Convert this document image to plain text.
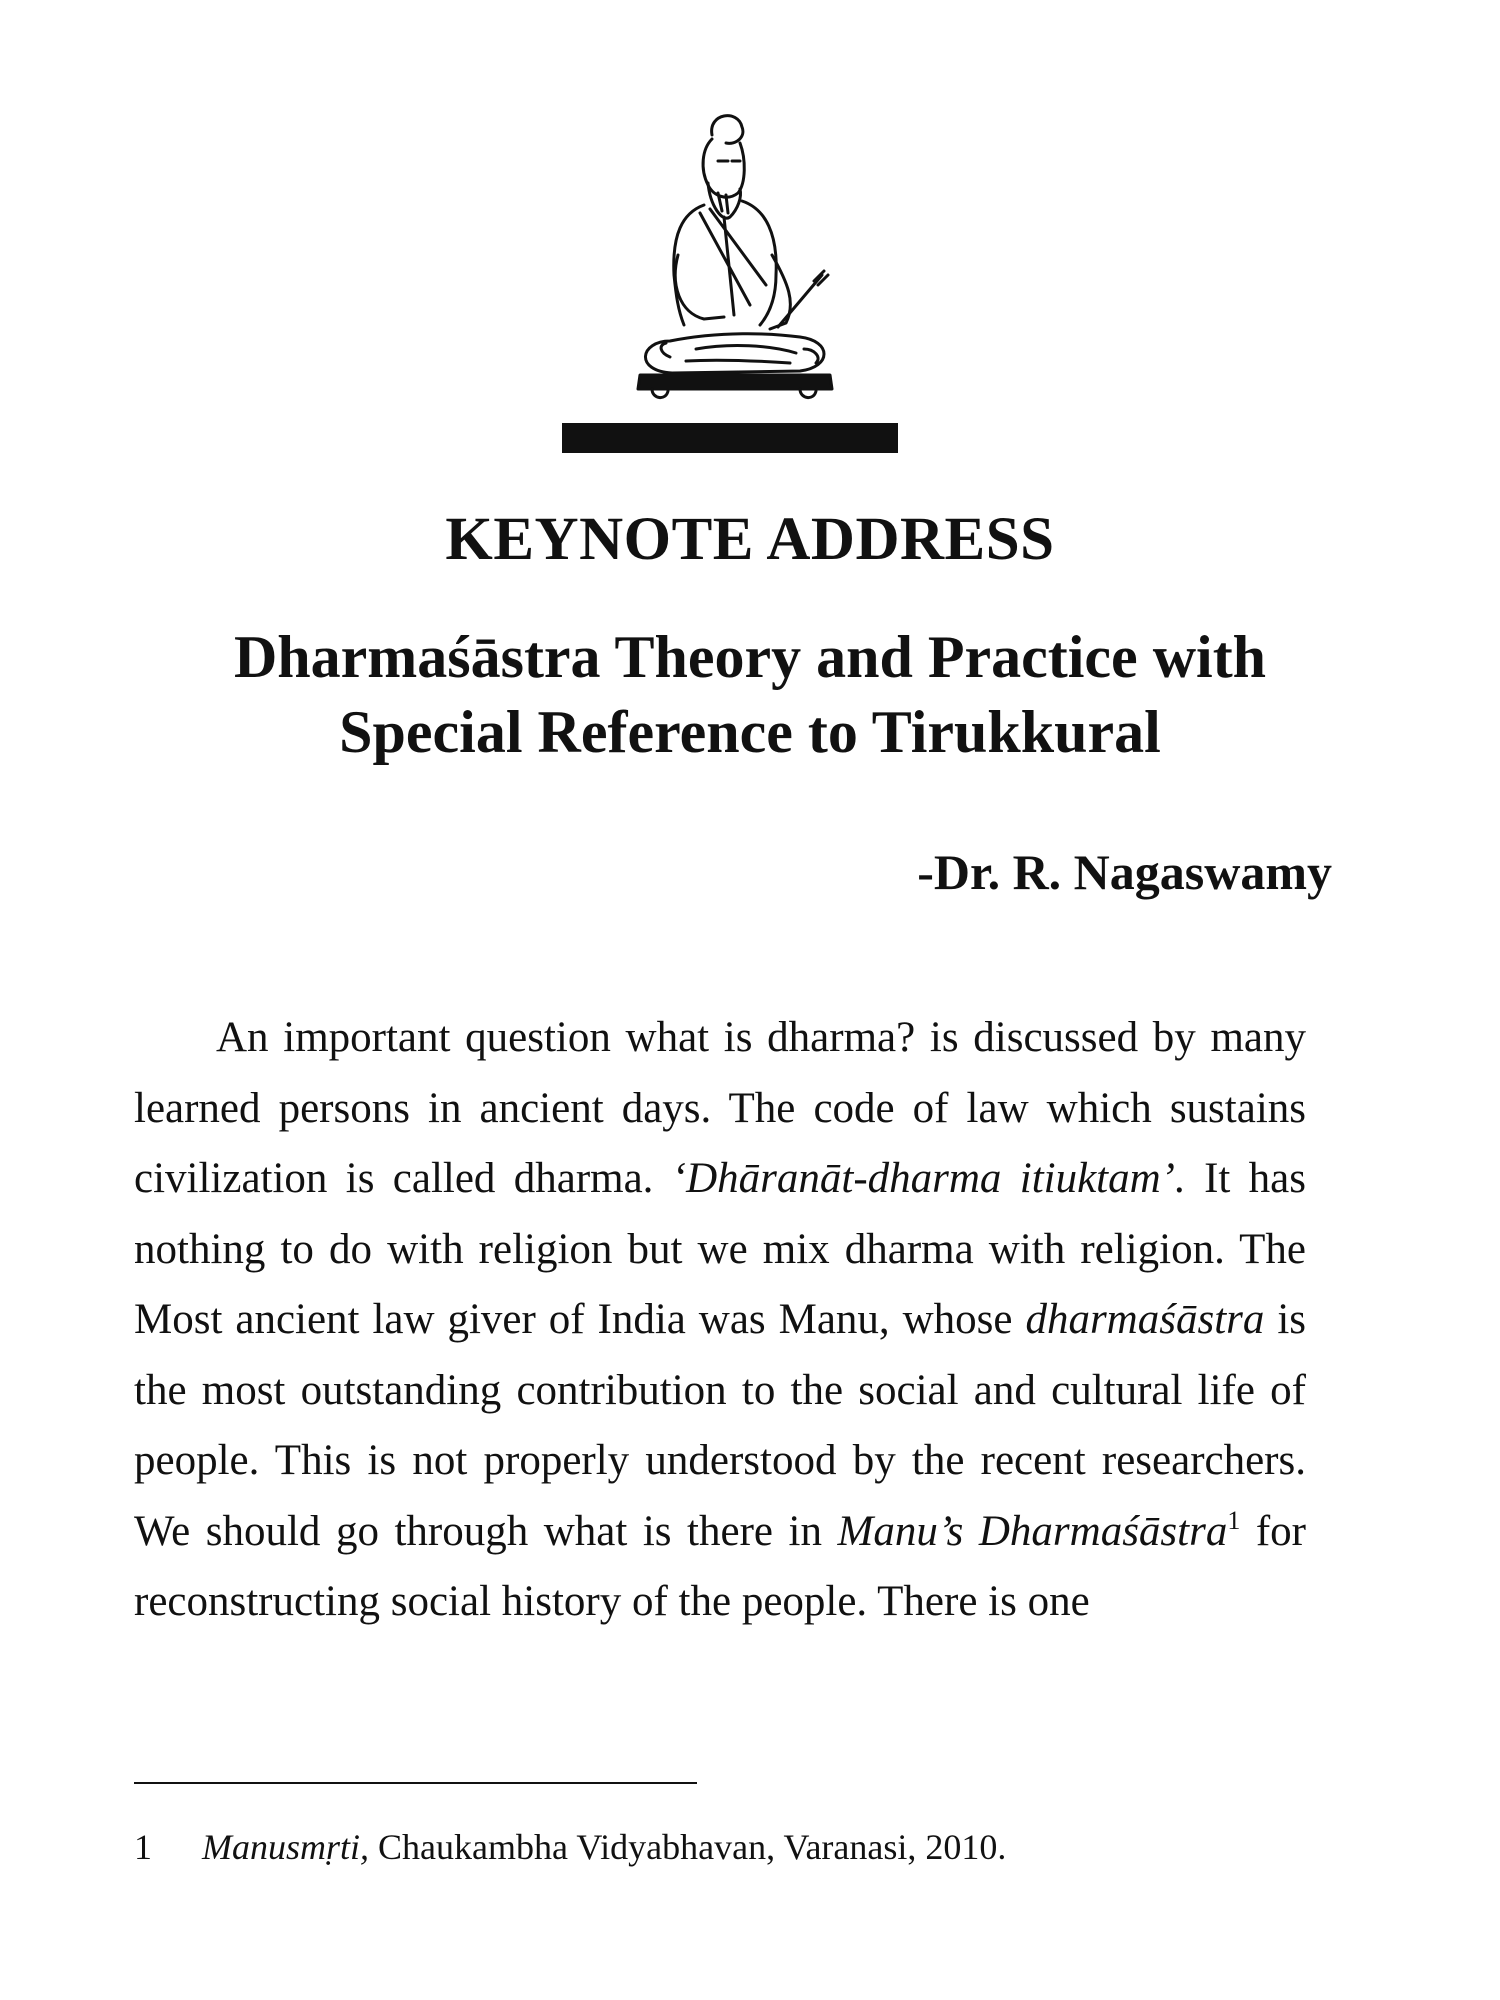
KEYNOTE ADDRESS
Dharmaśāstra Theory and Practice with
Special Reference to Tirukkural
-Dr. R. Nagaswamy

An important question what is dharma? is discussed by many learned persons in ancient days. The code of law which sustains civilization is called dharma. ‘Dhāranāt-dharma itiuktam’. It has nothing to do with religion but we mix dharma with religion. The Most ancient law giver of India was Manu, whose dharmaśāstra is the most outstanding contribution to the social and cultural life of people. This is not properly understood by the recent researchers. We should go through what is there in Manu’s Dharmaśāstra$^1$ for reconstructing social history of the people. There is one

1 Manusmṛti, Chaukambha Vidyabhavan, Varanasi, 2010.
